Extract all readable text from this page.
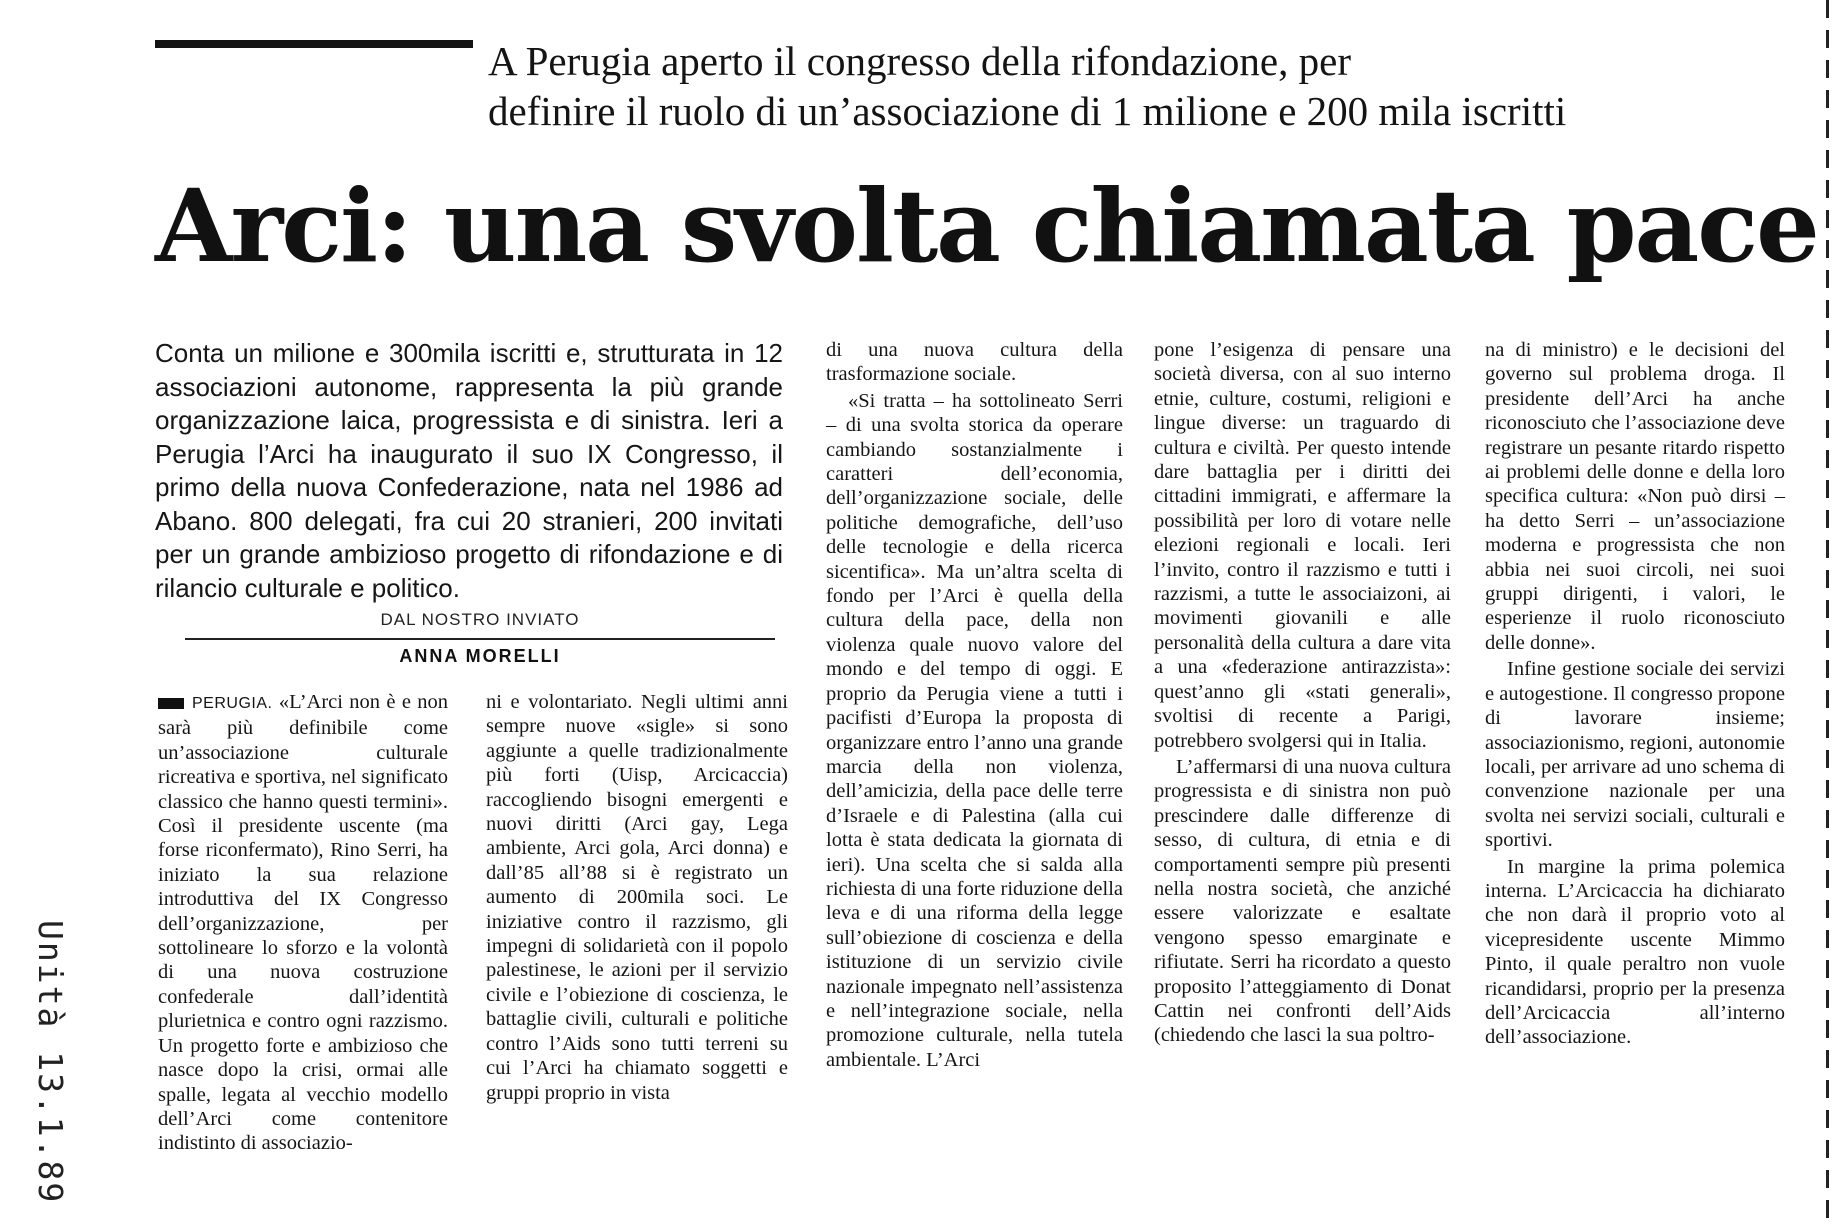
A Perugia aperto il congresso della rifondazione, per
definire il ruolo di un’associazione di 1 milione e 200 mila iscritti
Arci: una svolta chiamata pace
Unità 13.1.89
Conta un milione e 300mila iscritti e, strutturata in 12 associazioni autonome, rappresenta la più grande organizzazione laica, progressista e di sinistra. Ieri a Perugia l’Arci ha inaugurato il suo IX Congresso, il primo della nuova Confederazione, nata nel 1986 ad Abano. 800 delegati, fra cui 20 stranieri, 200 invitati per un grande ambizioso progetto di rifondazione e di rilancio culturale e politico.
DAL NOSTRO INVIATO
ANNA MORELLI

PERUGIA. «L’Arci non è e non sarà più definibile come un’associazione culturale ricreativa e sportiva, nel significato classico che hanno questi termini». Così il presidente uscente (ma forse riconfermato), Rino Serri, ha iniziato la sua relazione introduttiva del IX Congresso dell’organizzazione, per sottolineare lo sforzo e la volontà di una nuova costruzione confederale dall’identità plurietnica e contro ogni razzismo. Un progetto forte e ambizioso che nasce dopo la crisi, ormai alle spalle, legata al vecchio modello dell’Arci come contenitore indistinto di associazio-

ni e volontariato. Negli ultimi anni sempre nuove «sigle» si sono aggiunte a quelle tradizionalmente più forti (Uisp, Arcicaccia) raccogliendo bisogni emergenti e nuovi diritti (Arci gay, Lega ambiente, Arci gola, Arci donna) e dall’85 all’88 si è registrato un aumento di 200mila soci. Le iniziative contro il razzismo, gli impegni di solidarietà con il popolo palestinese, le azioni per il servizio civile e l’obiezione di coscienza, le battaglie civili, culturali e politiche contro l’Aids sono tutti terreni su cui l’Arci ha chiamato soggetti e gruppi proprio in vista

di una nuova cultura della trasformazione sociale.

«Si tratta – ha sottolineato Serri – di una svolta storica da operare cambiando sostanzialmente i caratteri dell’economia, dell’organizzazione sociale, delle politiche demografiche, dell’uso delle tecnologie e della ricerca sicentifica». Ma un’altra scelta di fondo per l’Arci è quella della cultura della pace, della non violenza quale nuovo valore del mondo e del tempo di oggi. E proprio da Perugia viene a tutti i pacifisti d’Europa la proposta di organizzare entro l’anno una grande marcia della non violenza, dell’amicizia, della pace delle terre d’Israele e di Palestina (alla cui lotta è stata dedicata la giornata di ieri). Una scelta che si salda alla richiesta di una forte riduzione della leva e di una riforma della legge sull’obiezione di coscienza e della istituzione di un servizio civile nazionale impegnato nell’assistenza e nell’integrazione sociale, nella promozione culturale, nella tutela ambientale. L’Arci

pone l’esigenza di pensare una società diversa, con al suo interno etnie, culture, costumi, religioni e lingue diverse: un traguardo di cultura e civiltà. Per questo intende dare battaglia per i diritti dei cittadini immigrati, e affermare la possibilità per loro di votare nelle elezioni regionali e locali. Ieri l’invito, contro il razzismo e tutti i razzismi, a tutte le associaizoni, ai movimenti giovanili e alle personalità della cultura a dare vita a una «federazione antirazzista»: quest’anno gli «stati generali», svoltisi di recente a Parigi, potrebbero svolgersi qui in Italia.

L’affermarsi di una nuova cultura progressista e di sinistra non può prescindere dalle differenze di sesso, di cultura, di etnia e di comportamenti sempre più presenti nella nostra società, che anziché essere valorizzate e esaltate vengono spesso emarginate e rifiutate. Serri ha ricordato a questo proposito l’atteggiamento di Donat Cattin nei confronti dell’Aids (chiedendo che lasci la sua poltro-

na di ministro) e le decisioni del governo sul problema droga. Il presidente dell’Arci ha anche riconosciuto che l’associazione deve registrare un pesante ritardo rispetto ai problemi delle donne e della loro specifica cultura: «Non può dirsi – ha detto Serri – un’associazione moderna e progressista che non abbia nei suoi circoli, nei suoi gruppi dirigenti, i valori, le esperienze il ruolo riconosciuto delle donne».

Infine gestione sociale dei servizi e autogestione. Il congresso propone di lavorare insieme; associazionismo, regioni, autonomie locali, per arrivare ad uno schema di convenzione nazionale per una svolta nei servizi sociali, culturali e sportivi.

In margine la prima polemica interna. L’Arcicaccia ha dichiarato che non darà il proprio voto al vicepresidente uscente Mimmo Pinto, il quale peraltro non vuole ricandidarsi, proprio per la presenza dell’Arcicaccia all’interno dell’associazione.
